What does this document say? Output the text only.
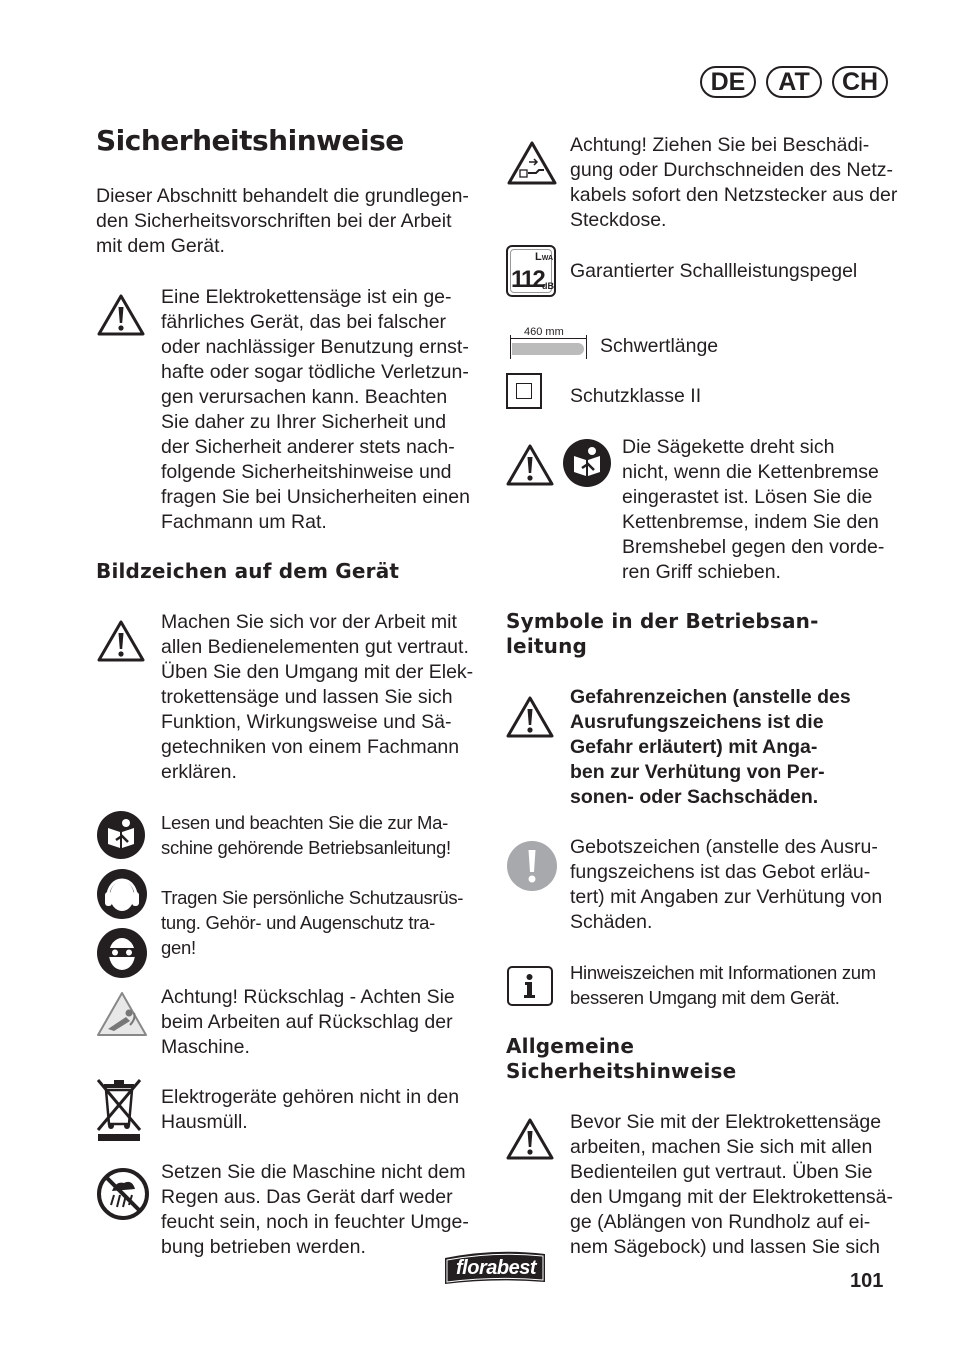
DE	AT	CH
Sicherheitshinweise
Dieser Abschnitt behandelt die grundlegen-
den Sicherheitsvorschriften bei der Arbeit
mit dem Gerät.
Eine Elektrokettensäge ist ein ge-
fährliches Gerät, das bei falscher
oder nachlässiger Benutzung ernst-
hafte oder sogar tödliche Verletzun-
gen verursachen kann. Beachten
Sie daher zu Ihrer Sicherheit und
der Sicherheit anderer stets nach-
folgende Sicherheitshinweise und
fragen Sie bei Unsicherheiten einen
Fachmann um Rat.
Bildzeichen auf dem Gerät
Machen Sie sich vor der Arbeit mit
allen Bedienelementen gut vertraut.
Üben Sie den Umgang mit der Elek-
trokettensäge und lassen Sie sich
Funktion, Wirkungsweise und Sä-
getechniken von einem Fachmann
erklären.
Lesen und beachten Sie die zur Ma-
schine gehörende Betriebsanleitung!
Tragen Sie persönliche Schutzausrüs-
tung. Gehör- und Augenschutz tra-
gen!
Achtung! Rückschlag - Achten Sie
beim Arbeiten auf Rückschlag der
Maschine.
Elektrogeräte gehören nicht in den
Hausmüll.
Setzen Sie die Maschine nicht dem
Regen aus. Das Gerät darf weder
feucht sein, noch in feuchter Umge-
bung betrieben werden.
Achtung! Ziehen Sie bei Beschädi-
gung oder Durchschneiden des Netz-
kabels sofort den Netzstecker aus der
Steckdose.
LWA
112
dB
Garantierter Schallleistungspegel
460 mm
Schwertlänge
Schutzklasse II
Die Sägekette dreht sich
nicht, wenn die Kettenbremse
eingerastet ist. Lösen Sie die
Kettenbremse, indem Sie den
Bremshebel gegen den vorde-
ren Griff schieben.
Symbole in der Betriebsan-
leitung
Gefahrenzeichen (anstelle des
Ausrufungszeichens ist die
Gefahr erläutert) mit Anga-
ben zur Verhütung von Per-
sonen- oder Sachschäden.
Gebotszeichen (anstelle des Ausru-
fungszeichens ist das Gebot erläu-
tert) mit Angaben zur Verhütung von
Schäden.
Hinweiszeichen mit Informationen zum
besseren Umgang mit dem Gerät.
Allgemeine
Sicherheitshinweise
Bevor Sie mit der Elektrokettensäge
arbeiten, machen Sie sich mit allen
Bedienteilen gut vertraut. Üben Sie
den Umgang mit der Elektrokettensä-
ge (Ablängen von Rundholz auf ei-
nem Sägebock) und lassen Sie sich
florabest
101
